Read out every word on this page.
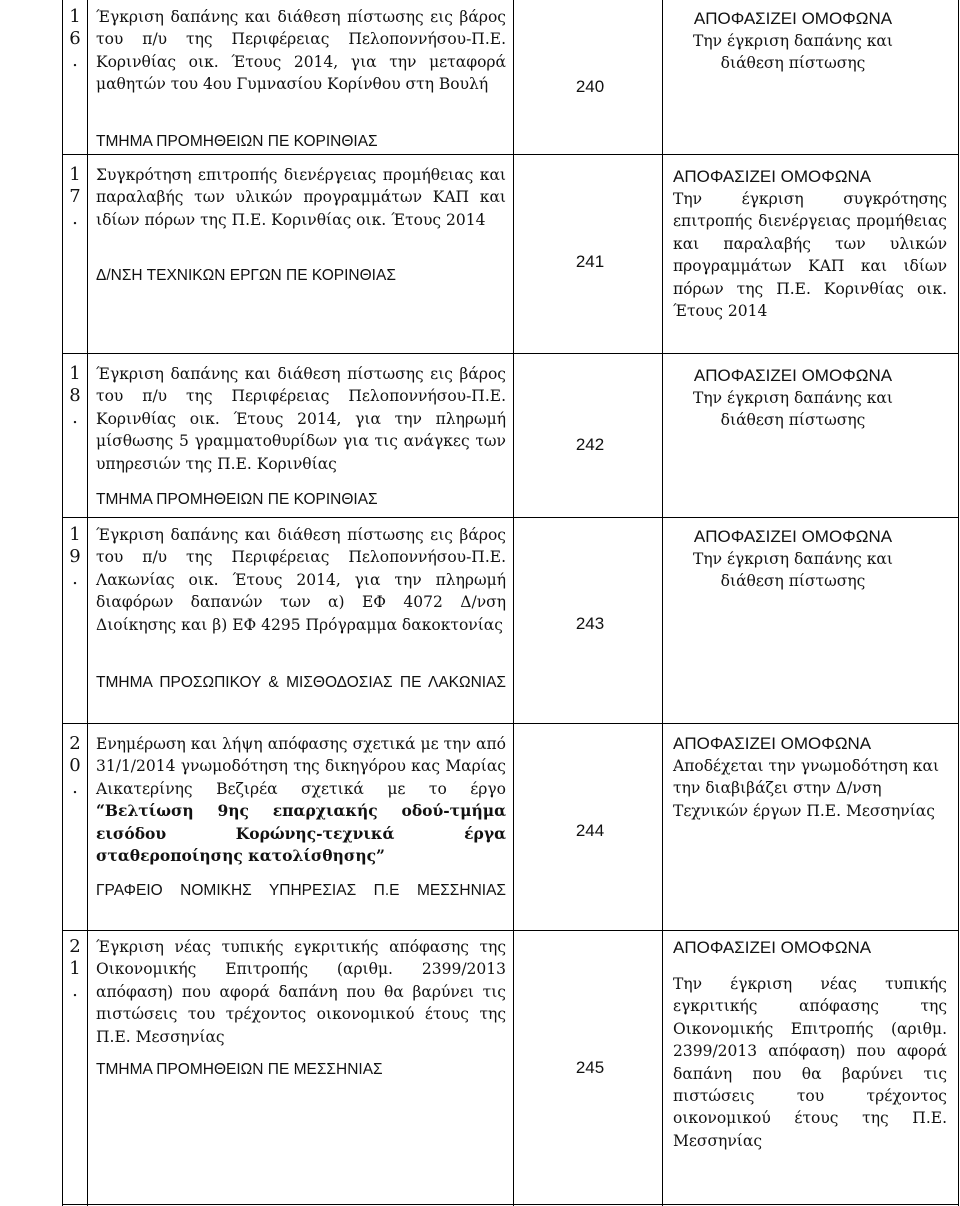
1
6
.
Έγκριση δαπάνης και διάθεση πίστωσης εις βάρος του π/υ της Περιφέρειας Πελοποννήσου-Π.Ε. Κορινθίας οικ. Έτους 2014, για την μεταφορά μαθητών του 4ου Γυμνασίου Κορίνθου στη Βουλή
ΤΜΗΜΑ ΠΡΟΜΗΘΕΙΩΝ ΠΕ ΚΟΡΙΝΘΙΑΣ
240
ΑΠΟΦΑΣΙΖΕΙ ΟΜΟΦΩΝΑ
Την έγκριση δαπάνης και διάθεση πίστωσης
1
7
.
Συγκρότηση επιτροπής διενέργειας προμήθειας και παραλαβής των υλικών προγραμμάτων ΚΑΠ και ιδίων πόρων της Π.Ε. Κορινθίας οικ. Έτους 2014
Δ/ΝΣΗ ΤΕΧΝΙΚΩΝ ΕΡΓΩΝ ΠΕ ΚΟΡΙΝΘΙΑΣ
241
ΑΠΟΦΑΣΙΖΕΙ ΟΜΟΦΩΝΑ
Την έγκριση συγκρότησης επιτροπής διενέργειας προμήθειας και παραλαβής των υλικών προγραμμάτων ΚΑΠ και ιδίων πόρων της Π.Ε. Κορινθίας οικ. Έτους 2014
1
8
.
Έγκριση δαπάνης και διάθεση πίστωσης εις βάρος του π/υ της Περιφέρειας Πελοποννήσου-Π.Ε. Κορινθίας οικ. Έτους 2014, για την πληρωμή μίσθωσης 5 γραμματοθυρίδων για τις ανάγκες των υπηρεσιών της Π.Ε. Κορινθίας
ΤΜΗΜΑ ΠΡΟΜΗΘΕΙΩΝ ΠΕ ΚΟΡΙΝΘΙΑΣ
242
ΑΠΟΦΑΣΙΖΕΙ ΟΜΟΦΩΝΑ
Την έγκριση δαπάνης και διάθεση πίστωσης
1
9
.
Έγκριση δαπάνης και διάθεση πίστωσης εις βάρος του π/υ της Περιφέρειας Πελοποννήσου-Π.Ε. Λακωνίας οικ. Έτους 2014, για την πληρωμή διαφόρων δαπανών των α) ΕΦ 4072 Δ/νση Διοίκησης και β) ΕΦ 4295 Πρόγραμμα δακοκτονίας
ΤΜΗΜΑ ΠΡΟΣΩΠΙΚΟΥ & ΜΙΣΘΟΔΟΣΙΑΣ ΠΕ ΛΑΚΩΝΙΑΣ
243
ΑΠΟΦΑΣΙΖΕΙ ΟΜΟΦΩΝΑ
Την έγκριση δαπάνης και διάθεση πίστωσης
2
0
.
Ενημέρωση και λήψη απόφασης σχετικά με την από 31/1/2014 γνωμοδότηση της δικηγόρου κας Μαρίας Αικατερίνης Βεζιρέα σχετικά με το έργο “Βελτίωση 9ης επαρχιακής οδού-τμήμα εισόδου Κορώνης-τεχνικά έργα σταθεροποίησης κατολίσθησης”
ΓΡΑΦΕΙΟ ΝΟΜΙΚΗΣ ΥΠΗΡΕΣΙΑΣ Π.Ε ΜΕΣΣΗΝΙΑΣ
244
ΑΠΟΦΑΣΙΖΕΙ ΟΜΟΦΩΝΑ
Αποδέχεται την γνωμοδότηση και την διαβιβάζει στην Δ/νση Τεχνικών έργων Π.Ε. Μεσσηνίας
2
1
.
Έγκριση νέας τυπικής εγκριτικής απόφασης της Οικονομικής Επιτροπής (αριθμ. 2399/2013 απόφαση) που αφορά δαπάνη που θα βαρύνει τις πιστώσεις του τρέχοντος οικονομικού έτους της Π.Ε. Μεσσηνίας
ΤΜΗΜΑ ΠΡΟΜΗΘΕΙΩΝ ΠΕ ΜΕΣΣΗΝΙΑΣ	245
ΑΠΟΦΑΣΙΖΕΙ ΟΜΟΦΩΝΑ
Την έγκριση νέας τυπικής εγκριτικής απόφασης της Οικονομικής Επιτροπής (αριθμ. 2399/2013 απόφαση) που αφορά δαπάνη που θα βαρύνει τις πιστώσεις του τρέχοντος οικονομικού έτους της Π.Ε. Μεσσηνίας
